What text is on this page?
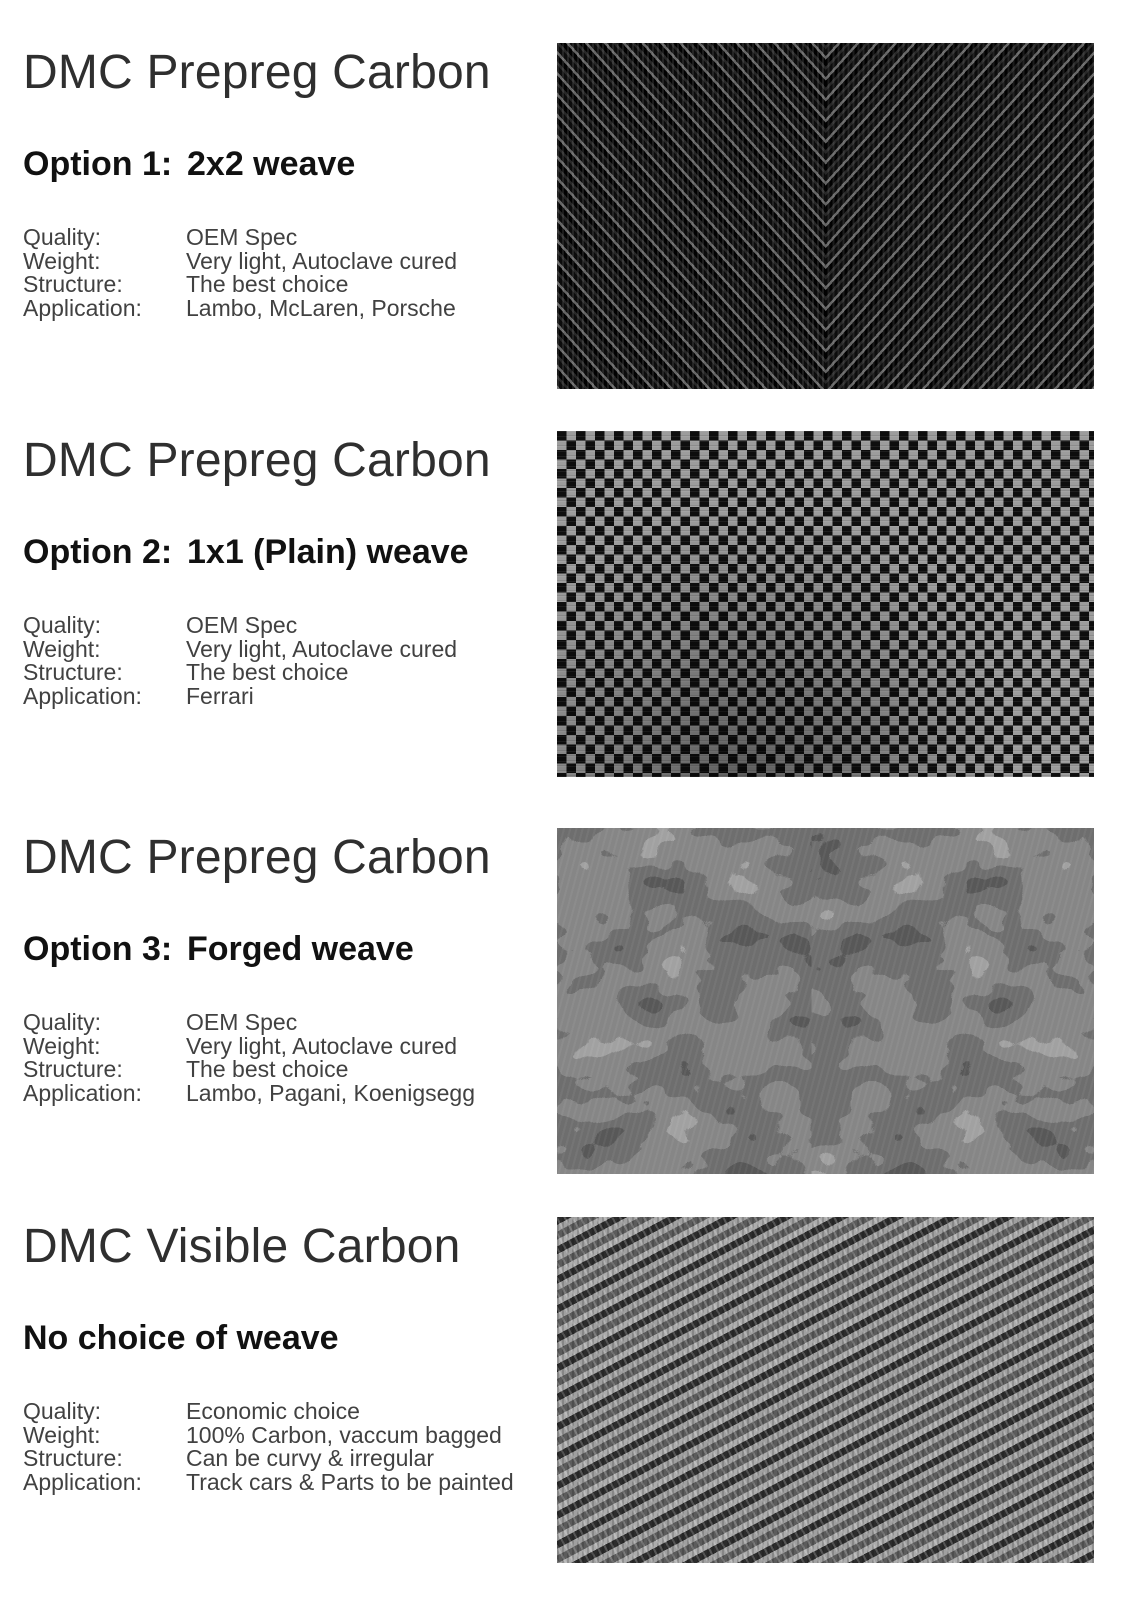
DMC Prepreg Carbon
Option 1: 2x2 weave
Quality:	OEM Spec
Weight:	Very light, Autoclave cured
Structure:	The best choice
Application:	Lambo, McLaren, Porsche
DMC Prepreg Carbon
Option 2: 1x1 (Plain) weave
Quality:	OEM Spec
Weight:	Very light, Autoclave cured
Structure:	The best choice
Application:	Ferrari
DMC Prepreg Carbon
Option 3: Forged weave
Quality:	OEM Spec
Weight:	Very light, Autoclave cured
Structure:	The best choice
Application:	Lambo, Pagani, Koenigsegg
DMC Visible Carbon
No choice of weave
Quality:	Economic choice
Weight:	100% Carbon, vaccum bagged
Structure:	Can be curvy & irregular
Application:	Track cars & Parts to be painted
